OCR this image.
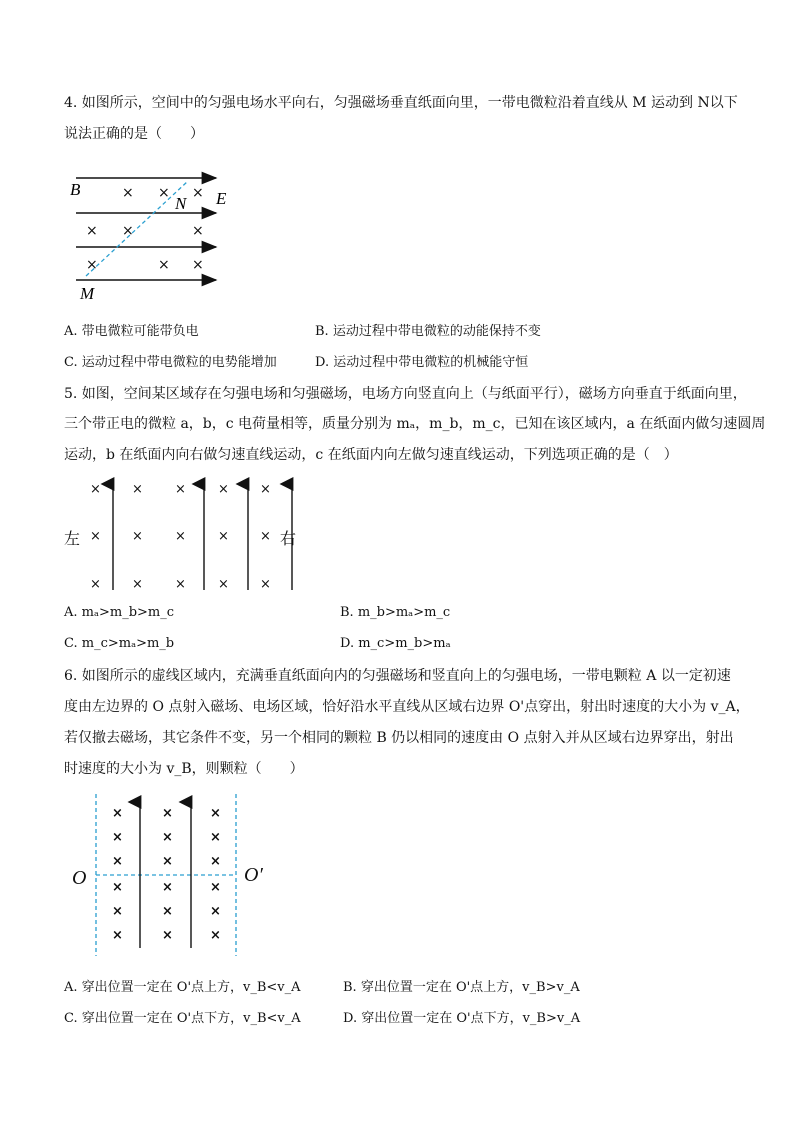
4. 如图所示，空间中的匀强电场水平向右，匀强磁场垂直纸面向里，一带电微粒沿着直线从 M 运动到 N以下
说法正确的是（　　）
× × ×
× ×	×
×	× ×
B
N E
M
A. 带电微粒可能带负电	B. 运动过程中带电微粒的动能保持不变
C. 运动过程中带电微粒的电势能增加	D. 运动过程中带电微粒的机械能守恒
5. 如图，空间某区域存在匀强电场和匀强磁场，电场方向竖直向上（与纸面平行），磁场方向垂直于纸面向里，
三个带正电的微粒 a，b，c 电荷量相等，质量分别为 mₐ，m_b，m_c，已知在该区域内，a 在纸面内做匀速圆周
运动，b 在纸面内向右做匀速直线运动，c 在纸面内向左做匀速直线运动，下列选项正确的是（　）
× × × × ×
× × × × ×
× × × × ×
左	右
A. mₐ>m_b>m_c	B. m_b>mₐ>m_c
C. m_c>mₐ>m_b	D. m_c>m_b>mₐ
6. 如图所示的虚线区域内，充满垂直纸面向内的匀强磁场和竖直向上的匀强电场，一带电颗粒 A 以一定初速
度由左边界的 O 点射入磁场、电场区域，恰好沿水平直线从区域右边界 O'点穿出，射出时速度的大小为 v_A，
若仅撤去磁场，其它条件不变，另一个相同的颗粒 B 仍以相同的速度由 O 点射入并从区域右边界穿出，射出
时速度的大小为 v_B，则颗粒（　　）
×	×	×
×	×	×
×	×	×
×	×	×
×	×	×
×	×	×
O	O′
A. 穿出位置一定在 O'点上方，v_B<v_A	B. 穿出位置一定在 O'点上方，v_B>v_A
C. 穿出位置一定在 O'点下方，v_B<v_A	D. 穿出位置一定在 O'点下方，v_B>v_A
